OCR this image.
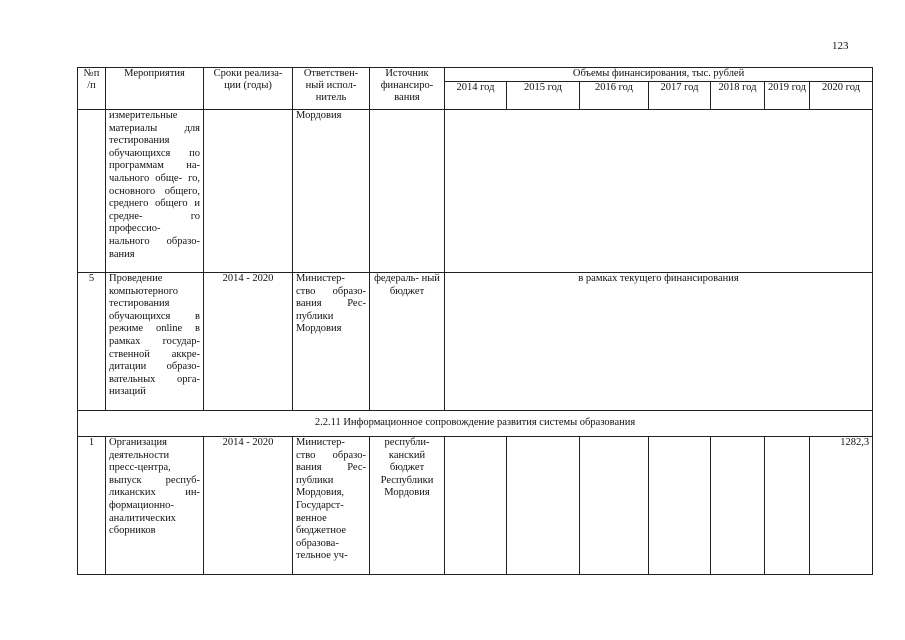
123
№п /п	Мероприятия	Сроки реализа- ции (годы)	Ответствен- ный испол- нитель	Источник финансиро- вания	Объемы финансирования, тыс. рублей						
					2014 год	2015 год	2016 год	2017 год	2018 год	2019 год	2020 год
	измерительные материалы для тестирования обучающихся по программам на- чального обще- го, основного общего, среднего общего и средне- го профессио- нального образо- вания		Мордовия								
5	Проведение компьютерного тестирования обучающихся в режиме online в рамках государ- ственной аккре- дитации образо- вательных орга- низаций	2014 - 2020	Министер- ство образо- вания Рес- публики Мордовия	федераль- ный бюджет	в рамках текущего финансирования						
2.2.11 Информационное сопровождение развития системы образования											
1	Организация деятельности пресс-центра, выпуск респуб- ликанских ин- формационно- аналитических сборников	2014 - 2020	Министер- ство образо- вания Рес- публики Мордовия, Государст- венное бюджетное образова- тельное уч-	республи- канский бюджет Республики Мордовия							1282,3
